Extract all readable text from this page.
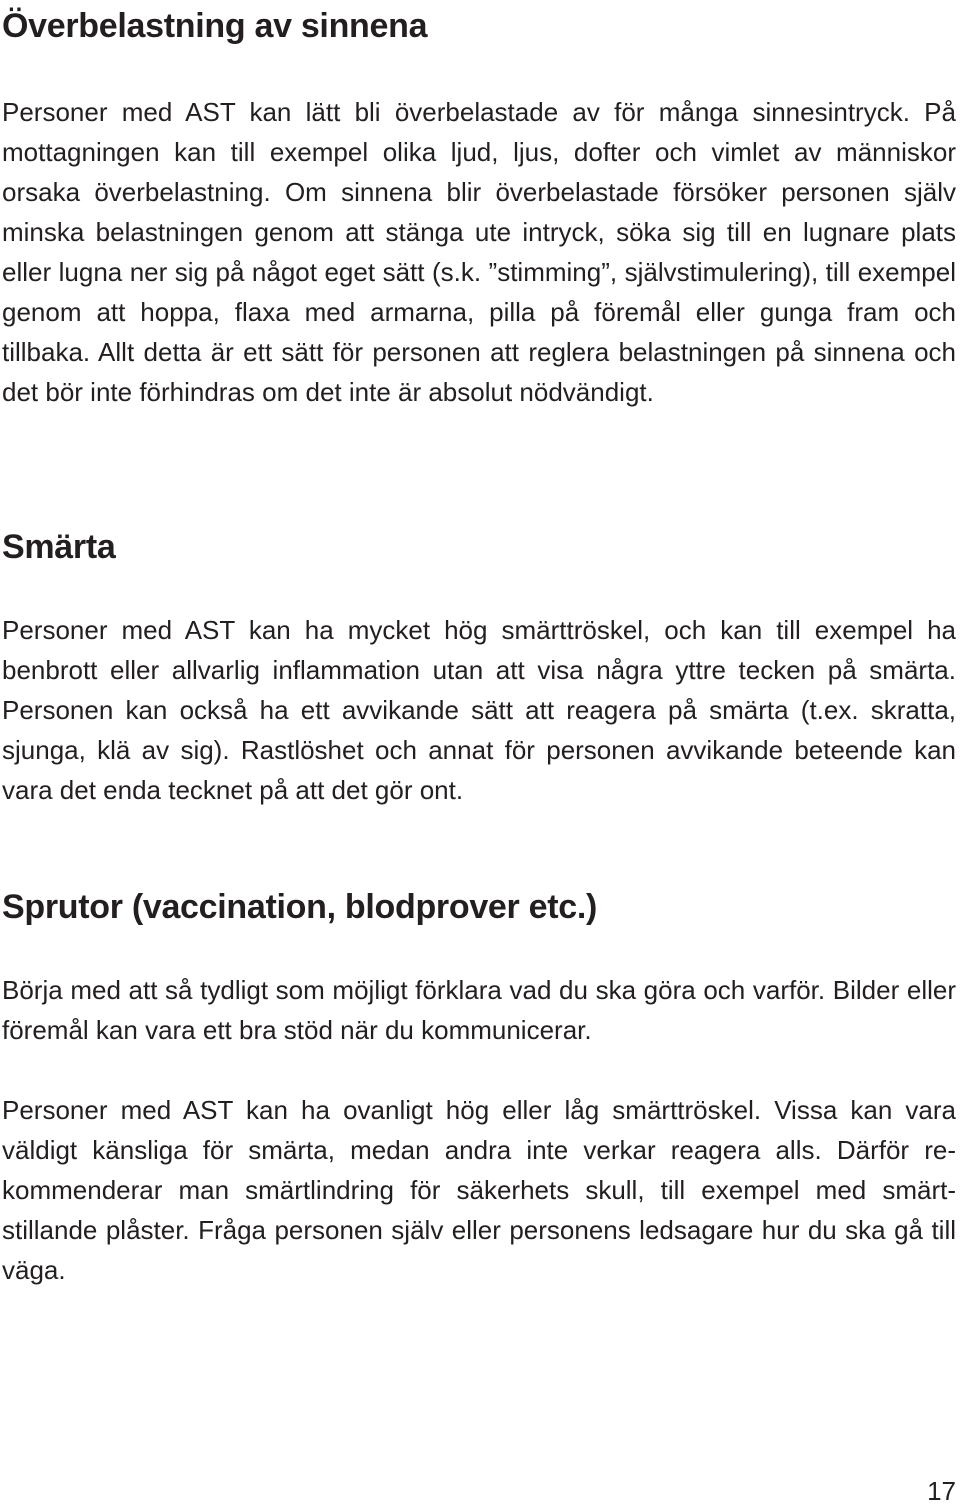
Överbelastning av sinnena

Personer med AST kan lätt bli överbelastade av för många sinnesintryck. På mottagningen kan till exempel olika ljud, ljus, dofter och vimlet av människor orsaka överbelastning. Om sinnena blir överbelastade försöker personen själv minska belastningen genom att stänga ute intryck, söka sig till en lugnare plats eller lugna ner sig på något eget sätt (s.k. ”stimming”, självstimulering), till exempel genom att hoppa, flaxa med armarna, pilla på föremål eller gunga fram och tillbaka. Allt detta är ett sätt för personen att reglera belastningen på sinnena och det bör inte förhindras om det inte är absolut nödvändigt.

Smärta

Personer med AST kan ha mycket hög smärttröskel, och kan till exempel ha benbrott eller allvarlig inflammation utan att visa några yttre tecken på smärta. Personen kan också ha ett avvikande sätt att reagera på smärta (t.ex. skratta, sjunga, klä av sig). Rastlöshet och annat för personen avvikande beteende kan vara det enda tecknet på att det gör ont.

Sprutor (vaccination, blodprover etc.)

Börja med att så tydligt som möjligt förklara vad du ska göra och varför. Bilder eller föremål kan vara ett bra stöd när du kommunicerar.

Personer med AST kan ha ovanligt hög eller låg smärttröskel. Vissa kan vara väldigt känsliga för smärta, medan andra inte verkar reagera alls. Därför rekommenderar man smärtlindring för säkerhets skull, till exempel med smärtstillande plåster. Fråga personen själv eller personens ledsagare hur du ska gå till väga.

17
